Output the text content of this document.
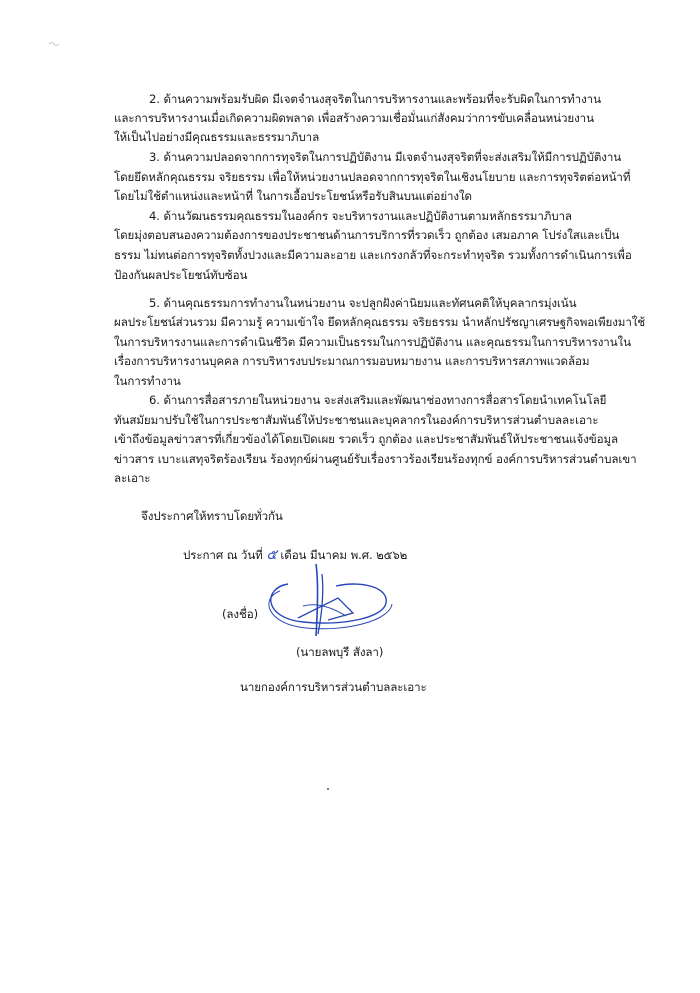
2. ด้านความพร้อมรับผิด มีเจตจำนงสุจริตในการบริหารงานและพร้อมที่จะรับผิดในการทำงาน
และการบริหารงานเมื่อเกิดความผิดพลาด เพื่อสร้างความเชื่อมั่นแก่สังคมว่าการขับเคลื่อนหน่วยงาน
ให้เป็นไปอย่างมีคุณธรรมและธรรมาภิบาล
3. ด้านความปลอดจากการทุจริตในการปฏิบัติงาน มีเจตจำนงสุจริตที่จะส่งเสริมให้มีการปฏิบัติงาน
โดยยึดหลักคุณธรรม จริยธรรม เพื่อให้หน่วยงานปลอดจากการทุจริตในเชิงนโยบาย และการทุจริตต่อหน้าที่
โดยไม่ใช้ตำแหน่งและหน้าที่ ในการเอื้อประโยชน์หรือรับสินบนแต่อย่างใด
4. ด้านวัฒนธรรมคุณธรรมในองค์กร จะบริหารงานและปฏิบัติงานตามหลักธรรมาภิบาล
โดยมุ่งตอบสนองความต้องการของประชาชนด้านการบริการที่รวดเร็ว ถูกต้อง เสมอภาค โปร่งใสและเป็น
ธรรม ไม่ทนต่อการทุจริตทั้งปวงและมีความละอาย และเกรงกลัวที่จะกระทำทุจริต รวมทั้งการดำเนินการเพื่อ
ป้องกันผลประโยชน์ทับซ้อน
5. ด้านคุณธรรมการทำงานในหน่วยงาน จะปลูกฝังค่านิยมและทัศนคติให้บุคลากรมุ่งเน้น
ผลประโยชน์ส่วนรวม มีความรู้ ความเข้าใจ ยึดหลักคุณธรรม จริยธรรม นำหลักปรัชญาเศรษฐกิจพอเพียงมาใช้
ในการบริหารงานและการดำเนินชีวิต มีความเป็นธรรมในการปฏิบัติงาน และคุณธรรมในการบริหารงานใน
เรื่องการบริหารงานบุคคล การบริหารงบประมาณการมอบหมายงาน และการบริหารสภาพแวดล้อม
ในการทำงาน
6. ด้านการสื่อสารภายในหน่วยงาน จะส่งเสริมและพัฒนาช่องทางการสื่อสารโดยนำเทคโนโลยี
ทันสมัยมาปรับใช้ในการประชาสัมพันธ์ให้ประชาชนและบุคลากรในองค์การบริหารส่วนตำบลละเอาะ
เข้าถึงข้อมูลข่าวสารที่เกี่ยวข้องได้โดยเปิดเผย รวดเร็ว ถูกต้อง และประชาสัมพันธ์ให้ประชาชนแจ้งข้อมูล
ข่าวสาร เบาะแสทุจริตร้องเรียน ร้องทุกข์ผ่านศูนย์รับเรื่องราวร้องเรียนร้องทุกข์ องค์การบริหารส่วนตำบลเขา
ละเอาะ
จึงประกาศให้ทราบโดยทั่วกัน
ประกาศ ณ วันที่ ๕ เดือน มีนาคม พ.ศ. ๒๕๖๒
(ลงชื่อ)
(นายลพบุรี สังลา)
นายกองค์การบริหารส่วนตำบลละเอาะ
